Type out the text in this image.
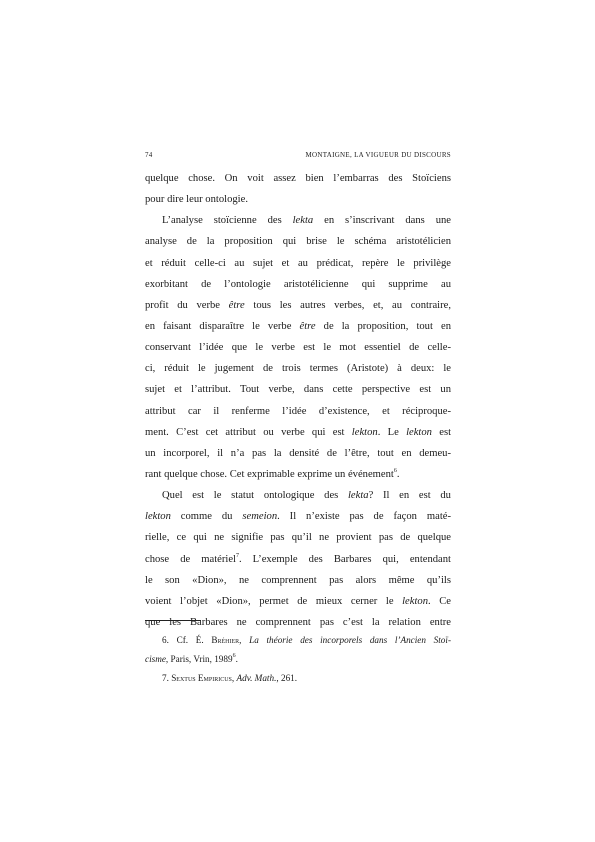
74	MONTAIGNE, LA VIGUEUR DU DISCOURS
quelque chose. On voit assez bien l’embarras des Stoïciens
pour dire leur ontologie.
L’analyse stoïcienne des lekta en s’inscrivant dans une
analyse de la proposition qui brise le schéma aristotélicien
et réduit celle-ci au sujet et au prédicat, repère le privilège
exorbitant de l’ontologie aristotélicienne qui supprime au
profit du verbe être tous les autres verbes, et, au contraire,
en faisant disparaître le verbe être de la proposition, tout en
conservant l’idée que le verbe est le mot essentiel de celle-
ci, réduit le jugement de trois termes (Aristote) à deux: le
sujet et l’attribut. Tout verbe, dans cette perspective est un
attribut car il renferme l’idée d’existence, et réciproque-
ment. C’est cet attribut ou verbe qui est lekton. Le lekton est
un incorporel, il n’a pas la densité de l’être, tout en demeu-
rant quelque chose. Cet exprimable exprime un événement$^6$.
Quel est le statut ontologique des lekta? Il en est du
lekton comme du semeion. Il n’existe pas de façon maté-
rielle, ce qui ne signifie pas qu’il ne provient pas de quelque
chose de matériel$^7$. L’exemple des Barbares qui, entendant
le son «Dion», ne comprennent pas alors même qu’ils
voient l’objet «Dion», permet de mieux cerner le lekton. Ce
que les Barbares ne comprennent pas c’est la relation entre
6. Cf. É. Bréhier, La théorie des incorporels dans l’Ancien Stoï-
cisme, Paris, Vrin, 1989$^6$.
7. Sextus Empiricus, Adv. Math., 261.
